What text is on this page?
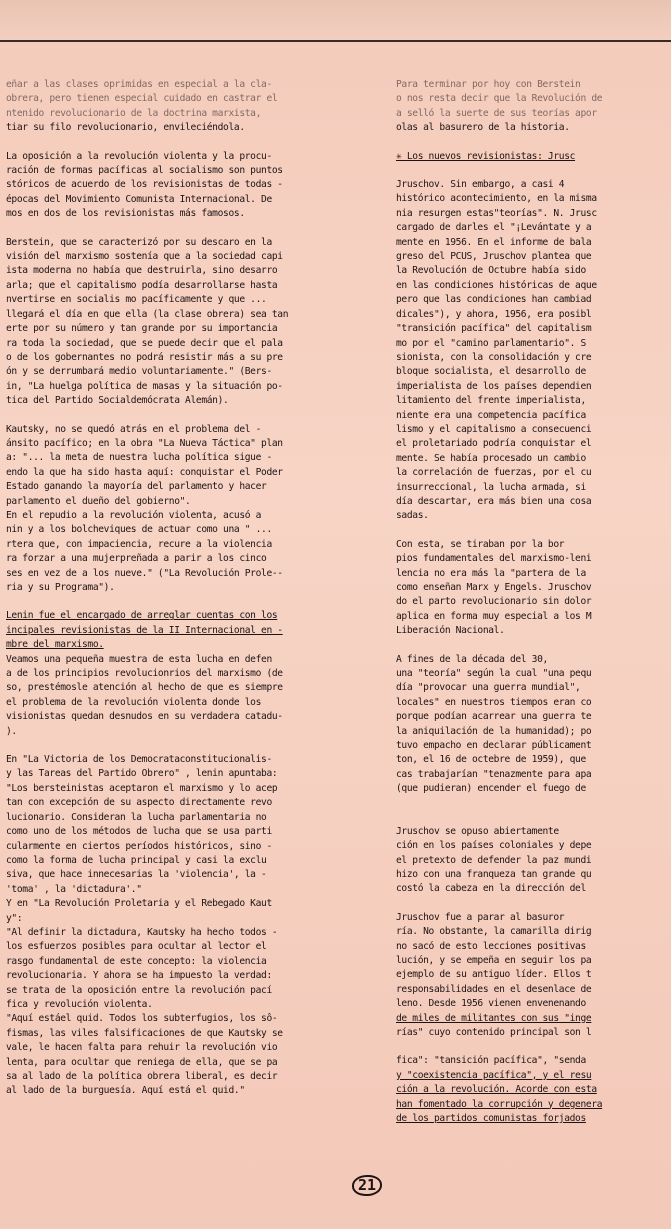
eñar a las clases oprimidas en especial a la cla-

obrera, pero tienen especial cuidado en castrar el

ntenido revolucionario de la doctrina marxista,

tiar su filo revolucionario, envileciéndola.

La oposición a la revolución violenta y la procu-

ración de formas pacíficas al socialismo son puntos

stóricos de acuerdo de los revisionistas de todas -

épocas del Movimiento Comunista Internacional. De

mos en dos de los revisionistas más famosos.

Berstein, que se caracterizó por su descaro en la

visión del marxismo sostenía que a la sociedad capi

ista moderna no había que destruirla, sino desarro

arla; que el capitalismo podía desarrollarse hasta

nvertirse en socialis mo pacíficamente y que ...

llegará el día en que ella (la clase obrera) sea tan

erte por su número y tan grande por su importancia

ra toda la sociedad, que se puede decir que el pala

o de los gobernantes no podrá resistir más a su pre

ón y se derrumbará medio voluntariamente." (Bers-

in, "La huelga política de masas y la situación po-

tica del Partido Socialdemócrata Alemán).

Kautsky, no se quedó atrás en el problema del -

ánsito pacífico; en la obra "La Nueva Táctica" plan

a: "... la meta de nuestra lucha política sigue -

endo la que ha sido hasta aquí: conquistar el Poder

Estado ganando la mayoría del parlamento y hacer

parlamento el dueño del gobierno".

En el repudio a la revolución violenta, acusó a

nin y a los bolcheviques de actuar como una " ...

rtera que, con impaciencia, recure a la violencia

ra forzar a una mujerpreñada a parir a los cinco

ses en vez de a los nueve." ("La Revolución Prole--

ria y su Programa").

Lenin fue el encargado de arreglar cuentas con los

incipales revisionistas de la II Internacional en -

mbre del marxismo.

Veamos una pequeña muestra de esta lucha en defen

a de los principios revolucionrios del marxismo (de

so, prestémosle atención al hecho de que es siempre

el problema de la revolución violenta donde los

visionistas quedan desnudos en su verdadera catadu-

).

En "La Victoria de los Democrataconstitucionalis-

y las Tareas del Partido Obrero" , lenin apuntaba:

"Los bersteinistas aceptaron el marxismo y lo acep

tan con excepción de su aspecto directamente revo

lucionario. Consideran la lucha parlamentaria no

como uno de los métodos de lucha que se usa parti

cularmente en ciertos períodos históricos, sino -

como la forma de lucha principal y casi la exclu

siva, que hace innecesarias la 'violencia', la -

'toma' , la 'dictadura'."

Y en "La Revolución Proletaria y el Rebegado Kaut

y":

"Al definir la dictadura, Kautsky ha hecho todos -

los esfuerzos posibles para ocultar al lector el

rasgo fundamental de este concepto: la violencia

revolucionaria. Y ahora se ha impuesto la verdad:

se trata de la oposición entre la revolución pací

fica y revolución violenta.

"Aquí estáel quid. Todos los subterfugios, los sô-

fismas, las viles falsificaciones de que Kautsky se

vale, le hacen falta para rehuir la revolución vio

lenta, para ocultar que reniega de ella, que se pa

sa al lado de la política obrera liberal, es decir

al lado de la burguesía. Aquí está el quid."

Para terminar por hoy con Berstein

o nos resta decir que la Revolución de

a selló la suerte de sus teorías apor

olas al basurero de la historia.

✳ Los nuevos revisionistas: Jrusc

Jruschov. Sin embargo, a casi 4

histórico acontecimiento, en la misma

nia resurgen estas"teorías". N. Jrusc

cargado de darles el "¡Levántate y a

mente en 1956. En el informe de bala

greso del PCUS, Jruschov plantea que

la Revolución de Octubre había sido

en las condiciones históricas de aque

pero que las condiciones han cambiad

dicales"), y ahora, 1956, era posibl

"transición pacífica" del capitalism

mo por el "camino parlamentario". S

sionista, con la consolidación y cre

bloque socialista, el desarrollo de

imperialista de los países dependien

litamiento del frente imperialista,

niente era una competencia pacífica

lismo y el capitalismo a consecuenci

el proletariado podría conquistar el

mente. Se había procesado un cambio

la correlación de fuerzas, por el cu

insurreccional, la lucha armada, si

día descartar, era más bien una cosa

sadas.

Con esta, se tiraban por la bor

pios fundamentales del marxismo-leni

lencia no era más la "partera de la

como enseñan Marx y Engels. Jruschov

do el parto revolucionario sin dolor

aplica en forma muy especial a los M

Liberación Nacional.

A fines de la década del 30,

una "teoría" según la cual "una pequ

día "provocar una guerra mundial",

locales" en nuestros tiempos eran co

porque podían acarrear una guerra te

la aniquilación de la humanidad); po

tuvo empacho en declarar públicament

ton, el 16 de octebre de 1959), que

cas trabajarían "tenazmente para apa

(que pudieran) encender el fuego de

Jruschov se opuso abiertamente

ción en los países coloniales y depe

el pretexto de defender la paz mundi

hizo con una franqueza tan grande qu

costó la cabeza en la dirección del

Jruschov fue a parar al basuror

ría. No obstante, la camarilla dirig

no sacó de esto lecciones positivas

lución, y se empeña en seguir los pa

ejemplo de su antiguo líder. Ellos t

responsabilidades en el desenlace de

leno. Desde 1956 vienen envenenando

de miles de militantes con sus "inge

rías" cuyo contenido principal son l

fica": "tansición pacífica", "senda

y "coexistencia pacífica", y el resu

ción a la revolución. Acorde con esta

han fomentado la corrupción y degenera

de los partidos comunistas forjados

21
